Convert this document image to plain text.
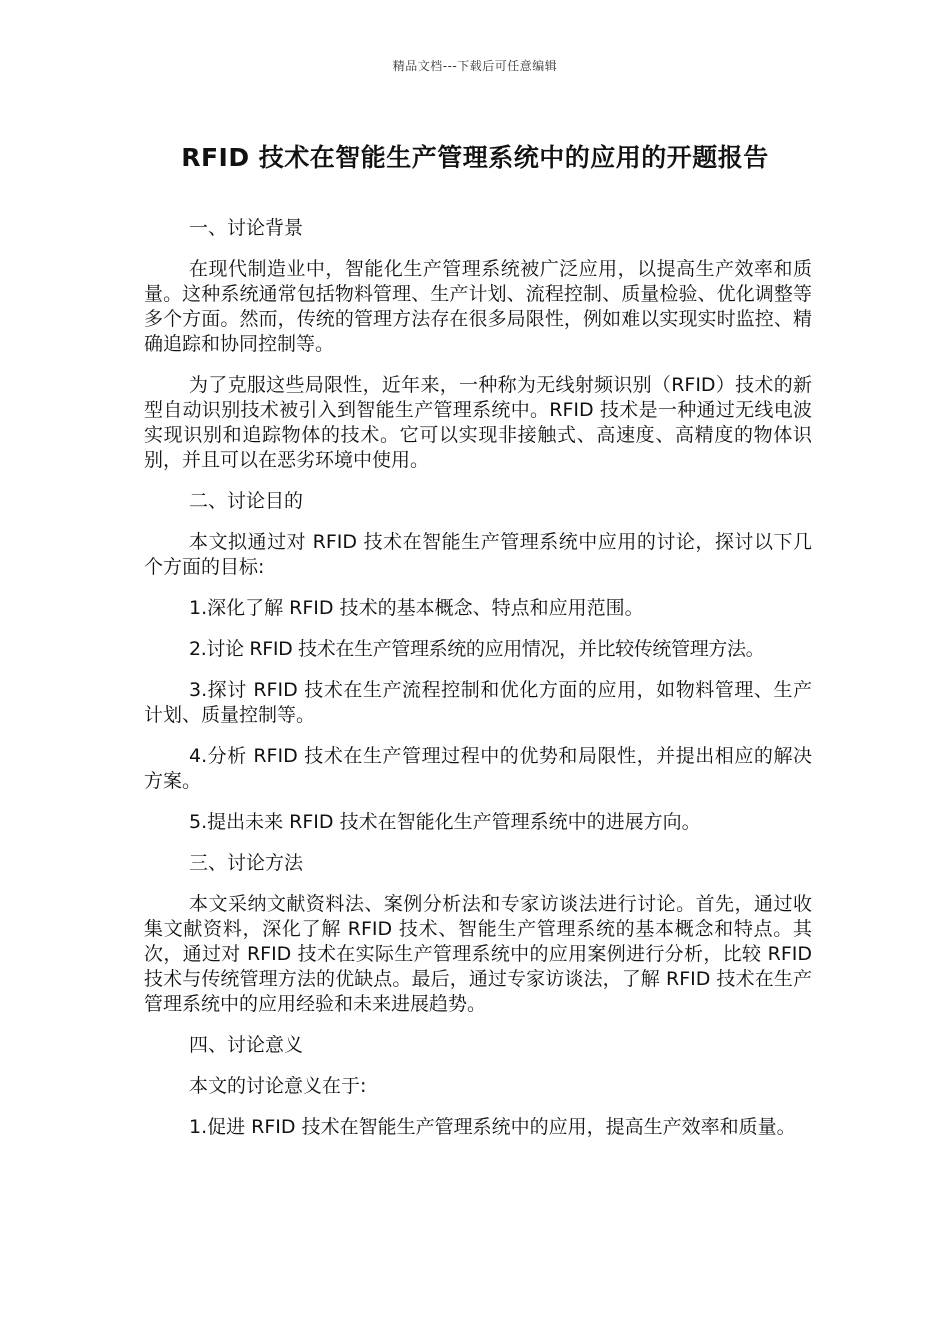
精品文档---下载后可任意编辑
RFID 技术在智能生产管理系统中的应用的开题报告
一、讨论背景
在现代制造业中，智能化生产管理系统被广泛应用，以提高生产效率和质量。这种系统通常包括物料管理、生产计划、流程控制、质量检验、优化调整等多个方面。然而，传统的管理方法存在很多局限性，例如难以实现实时监控、精确追踪和协同控制等。
为了克服这些局限性，近年来，一种称为无线射频识别（RFID）技术的新型自动识别技术被引入到智能生产管理系统中。RFID 技术是一种通过无线电波实现识别和追踪物体的技术。它可以实现非接触式、高速度、高精度的物体识别，并且可以在恶劣环境中使用。
二、讨论目的
本文拟通过对 RFID 技术在智能生产管理系统中应用的讨论，探讨以下几个方面的目标:
1.深化了解 RFID 技术的基本概念、特点和应用范围。
2.讨论 RFID 技术在生产管理系统的应用情况，并比较传统管理方法。
3.探讨 RFID 技术在生产流程控制和优化方面的应用，如物料管理、生产计划、质量控制等。
4.分析 RFID 技术在生产管理过程中的优势和局限性，并提出相应的解决方案。
5.提出未来 RFID 技术在智能化生产管理系统中的进展方向。
三、讨论方法
本文采纳文献资料法、案例分析法和专家访谈法进行讨论。首先，通过收集文献资料，深化了解 RFID 技术、智能生产管理系统的基本概念和特点。其次，通过对 RFID 技术在实际生产管理系统中的应用案例进行分析，比较 RFID 技术与传统管理方法的优缺点。最后，通过专家访谈法，了解 RFID 技术在生产管理系统中的应用经验和未来进展趋势。
四、讨论意义
本文的讨论意义在于:
1.促进 RFID 技术在智能生产管理系统中的应用，提高生产效率和质量。
